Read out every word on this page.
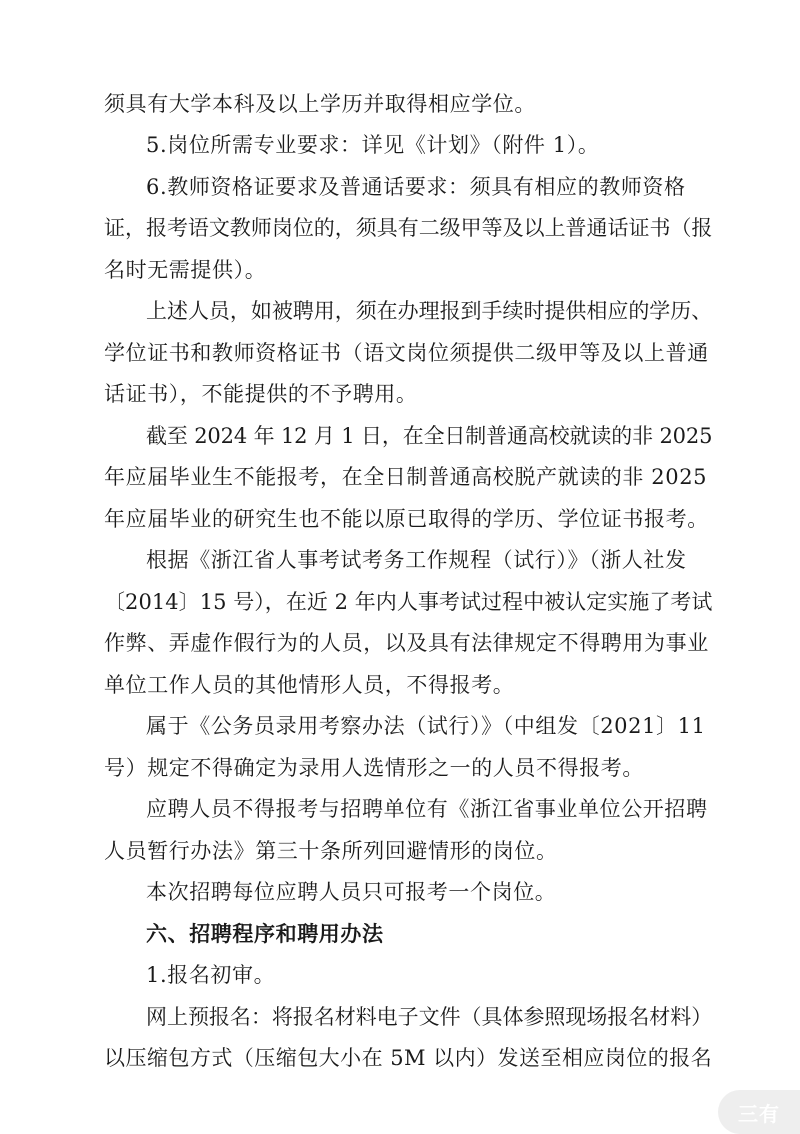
须具有大学本科及以上学历并取得相应学位。
5.岗位所需专业要求：详见《计划》（附件 1）。
6.教师资格证要求及普通话要求：须具有相应的教师资格
证，报考语文教师岗位的，须具有二级甲等及以上普通话证书（报
名时无需提供）。
上述人员，如被聘用，须在办理报到手续时提供相应的学历、
学位证书和教师资格证书（语文岗位须提供二级甲等及以上普通
话证书），不能提供的不予聘用。
截至 2024 年 12 月 1 日，在全日制普通高校就读的非 2025
年应届毕业生不能报考，在全日制普通高校脱产就读的非 2025
年应届毕业的研究生也不能以原已取得的学历、学位证书报考。
根据《浙江省人事考试考务工作规程（试行）》（浙人社发
〔2014〕15 号），在近 2 年内人事考试过程中被认定实施了考试
作弊、弄虚作假行为的人员，以及具有法律规定不得聘用为事业
单位工作人员的其他情形人员，不得报考。
属于《公务员录用考察办法（试行）》（中组发〔2021〕11
号）规定不得确定为录用人选情形之一的人员不得报考。
应聘人员不得报考与招聘单位有《浙江省事业单位公开招聘
人员暂行办法》第三十条所列回避情形的岗位。
本次招聘每位应聘人员只可报考一个岗位。
六、招聘程序和聘用办法
1.报名初审。
网上预报名：将报名材料电子文件（具体参照现场报名材料）
以压缩包方式（压缩包大小在 5M 以内）发送至相应岗位的报名
三有
